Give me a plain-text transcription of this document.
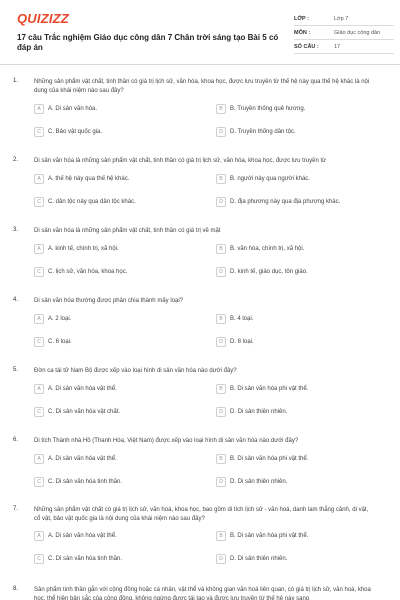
QUIZIZZ
17 câu Trắc nghiệm Giáo dục công dân 7 Chân trời sáng tạo Bài 5 có đáp án
LỚP :	Lớp 7
MÔN :	Giáo dục công dân
SỐ CÂU :	17
1.	Những sản phẩm vật chất, tinh thần có giá trị lịch sử, văn hóa, khoa học, được lưu truyền từ thế hệ này qua thế hệ khác là nội dung của khái niệm nào sau đây?
A	A. Di sản văn hóa.	B	B. Truyền thống quê hương.
C	C. Bảo vật quốc gia.	D	D. Truyền thống dân tộc.
2.	Di sản văn hóa là những sản phẩm vật chất, tinh thần có giá trị lịch sử, văn hóa, khoa học, được lưu truyền từ
A	A. thế hệ này qua thế hệ khác.	B	B. người này qua người khác.
C	C. dân tộc này qua dân tộc khác.	D	D. địa phương này qua địa phương khác.
3.	Di sản văn hóa là những sản phẩm vật chất, tinh thần có giá trị về mặt
A	A. kinh tế, chính trị, xã hội.	B	B. văn hóa, chính trị, xã hội.
C	C. lịch sử, văn hóa, khoa học.	D	D. kinh tế, giáo dục, tôn giáo.
4.	Di sản văn hóa thường được phân chia thành mấy loại?
A	A. 2 loại.	B	B. 4 loại.
C	C. 6 loại.	D	D. 8 loại.
5.	Đờn ca tài tử Nam Bộ được xếp vào loại hình di sản văn hóa nào dưới đây?
A	A. Di sản văn hóa vật thể.	B	B. Di sản văn hóa phi vật thể.
C	C. Di sản văn hóa vật chất.	D	D. Di sản thiên nhiên.
6.	Di tích Thành nhà Hồ (Thanh Hóa, Việt Nam) được xếp vào loại hình di sản văn hóa nào dưới đây?
A	A. Di sản văn hóa vật thể.	B	B. Di sản văn hóa phi vật thể.
C	C. Di sản văn hóa tinh thần.	D	D. Di sản thiên nhiên.
7.	Những sản phẩm vật chất có giá trị lịch sử, văn hoá, khoa học, bao gồm di tích lịch sử - văn hoá, danh lam thắng cảnh, di vật, cổ vật, bảo vật quốc gia là nội dung của khái niệm nào sau đây?
A	A. Di sản văn hóa vật thể.	B	B. Di sản văn hóa phi vật thể.
C	C. Di sản văn hóa tinh thần.	D	D. Di sản thiên nhiên.
8.	Sản phẩm tinh thần gắn với cộng đồng hoặc cá nhân, vật thể và không gian văn hoá liên quan, có giá trị lịch sử, văn hoá, khoa học, thể hiện bản sắc của cộng đồng, không ngừng được tái tạo và được lưu truyền từ thế hệ này sang
